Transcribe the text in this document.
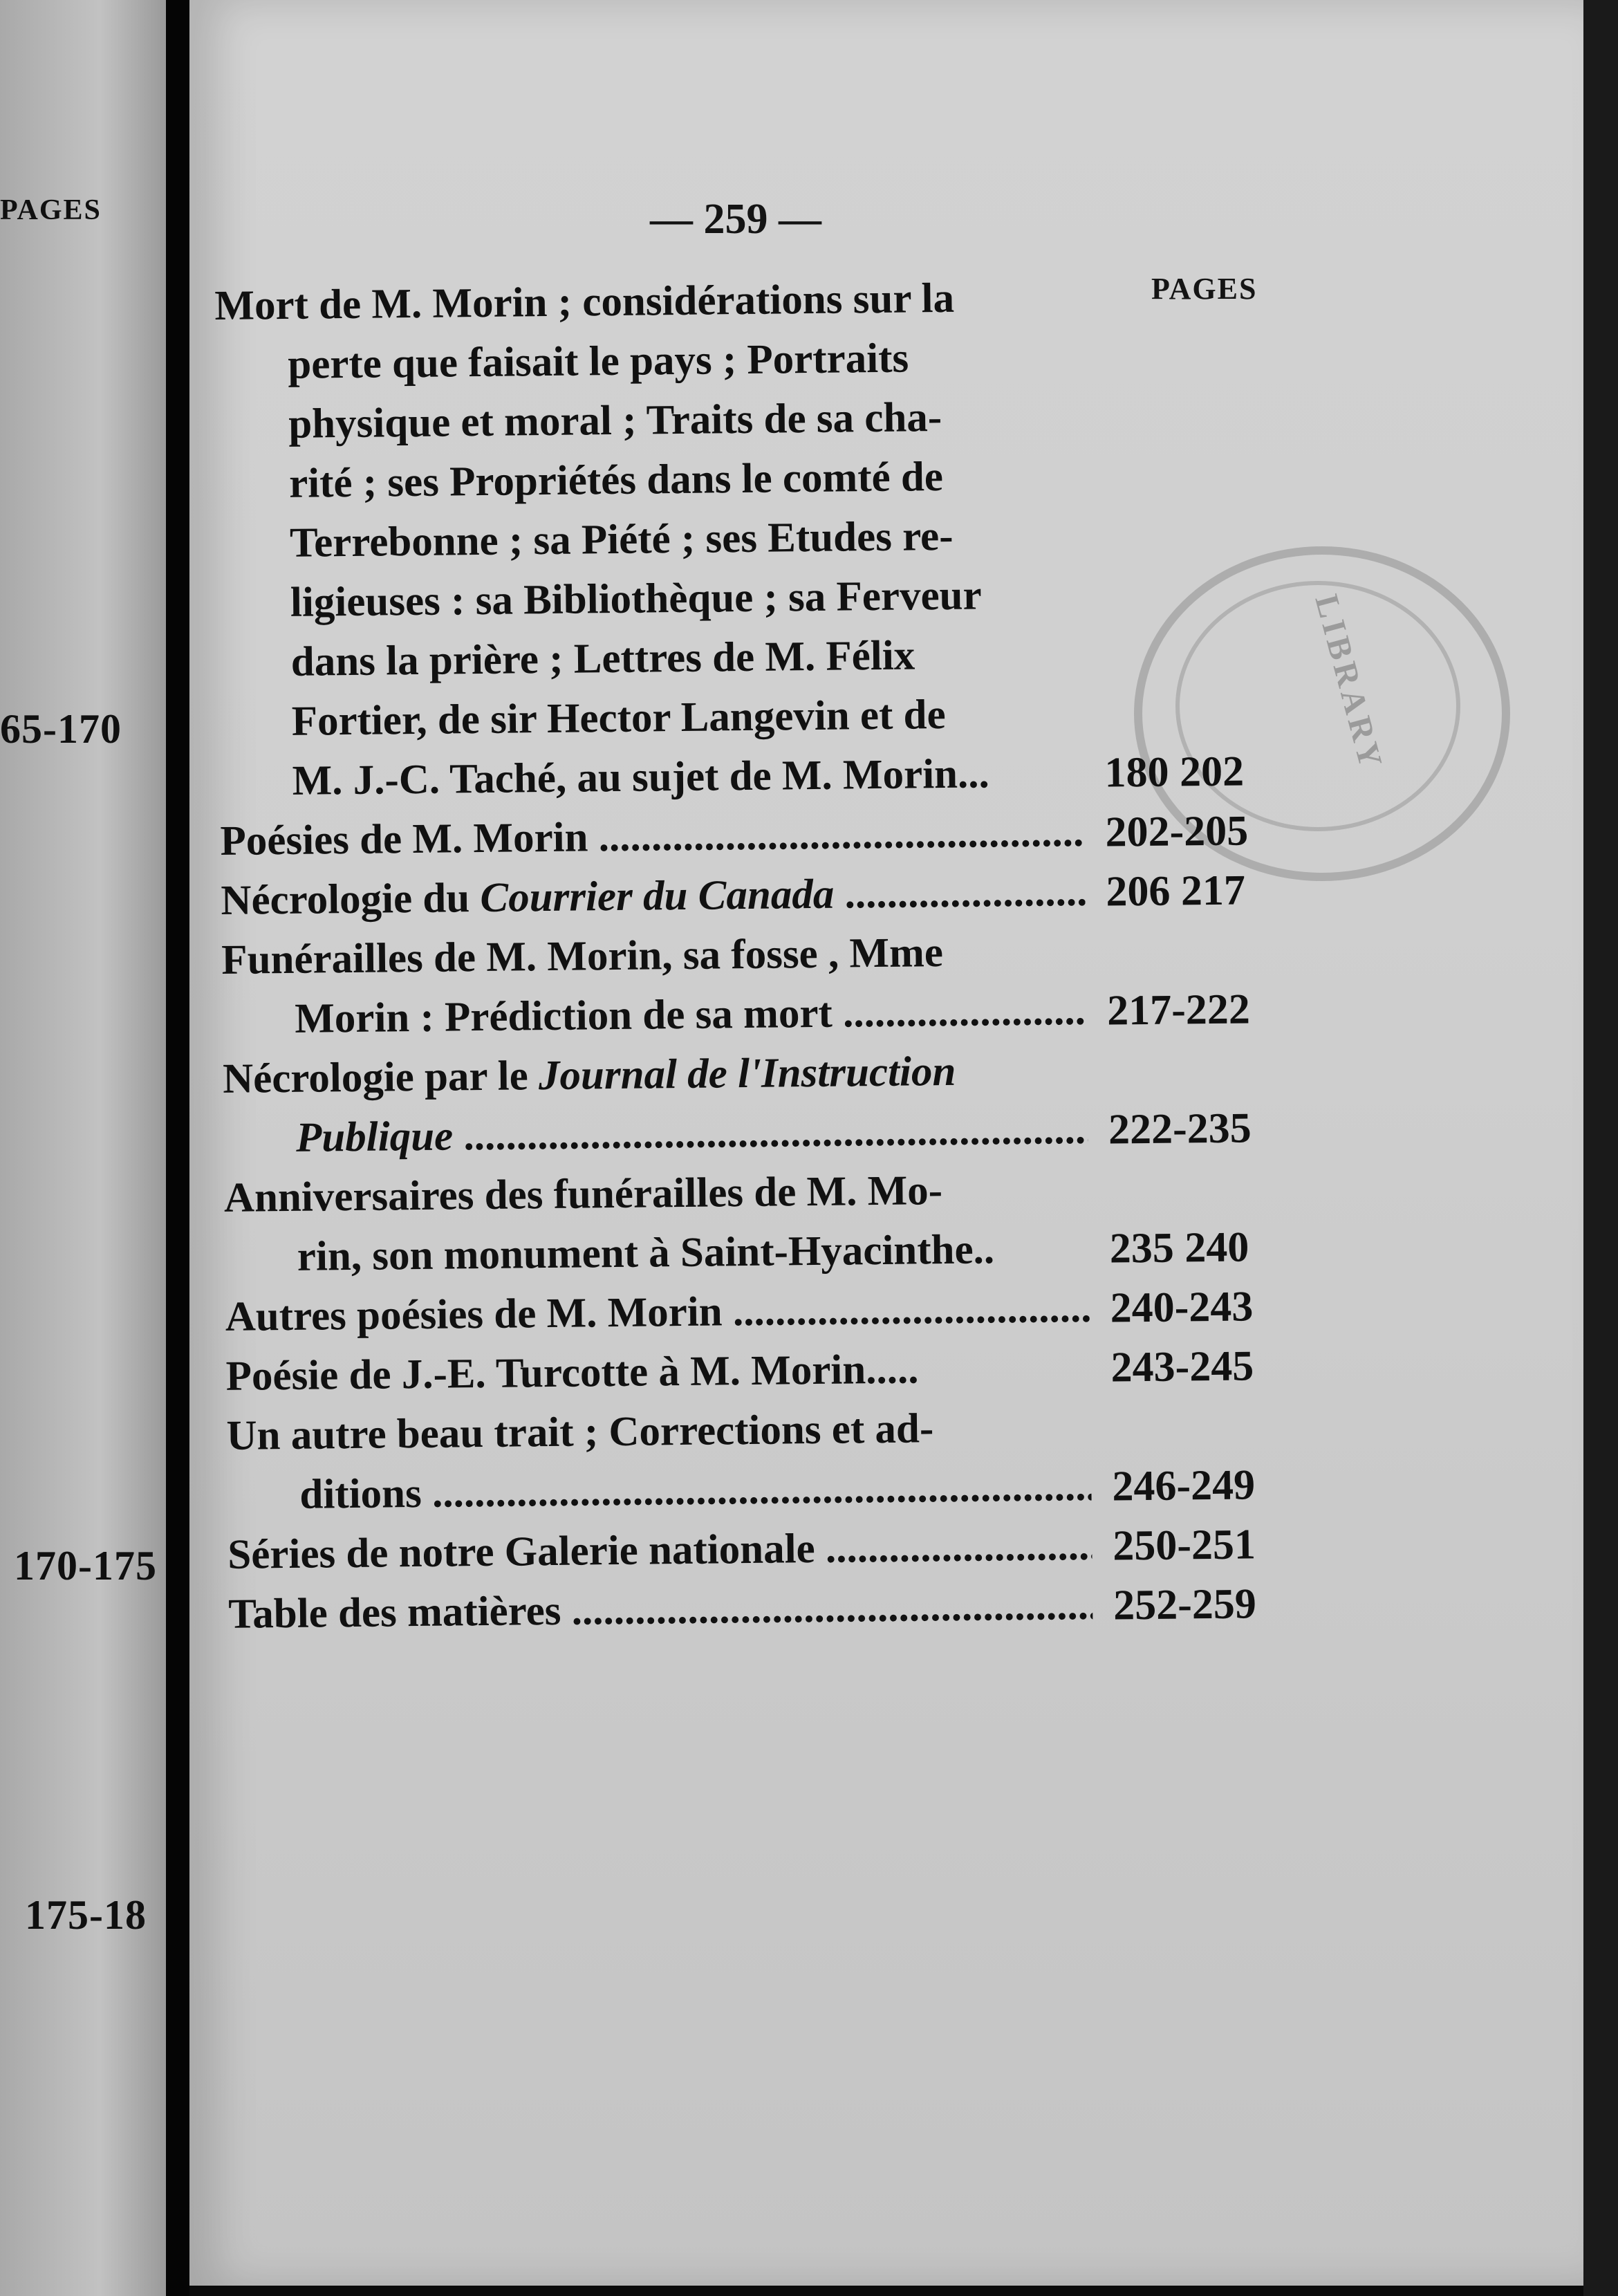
PAGES
65-170
170-175
175-18
LIBRARY
— 259 —
PAGES
Mort de M. Morin ; considérations sur la
perte que faisait le pays ; Portraits
physique et moral ; Traits de sa cha-
rité ; ses Propriétés dans le comté de
Terrebonne ; sa Piété ; ses Etudes re-
ligieuses : sa Bibliothèque ; sa Ferveur
dans la prière ; Lettres de M. Félix
Fortier, de sir Hector Langevin et de
M. J.-C. Taché, au sujet de M. Morin...	180 202
Poésies de M. Morin .....	202-205
Nécrologie du Courrier du Canada .....	206 217
Funérailles de M. Morin, sa fosse , Mme
Morin : Prédiction de sa mort .....	217-222
Nécrologie par le Journal de l'Instruction
Publique .....	222-235
Anniversaires des funérailles de M. Mo-
rin, son monument à Saint-Hyacinthe..	235 240
Autres poésies de M. Morin .....	240-243
Poésie de J.-E. Turcotte à M. Morin.....	243-245
Un autre beau trait ; Corrections et ad-
ditions .....	246-249
Séries de notre Galerie nationale .....	250-251
Table des matières .....	252-259
